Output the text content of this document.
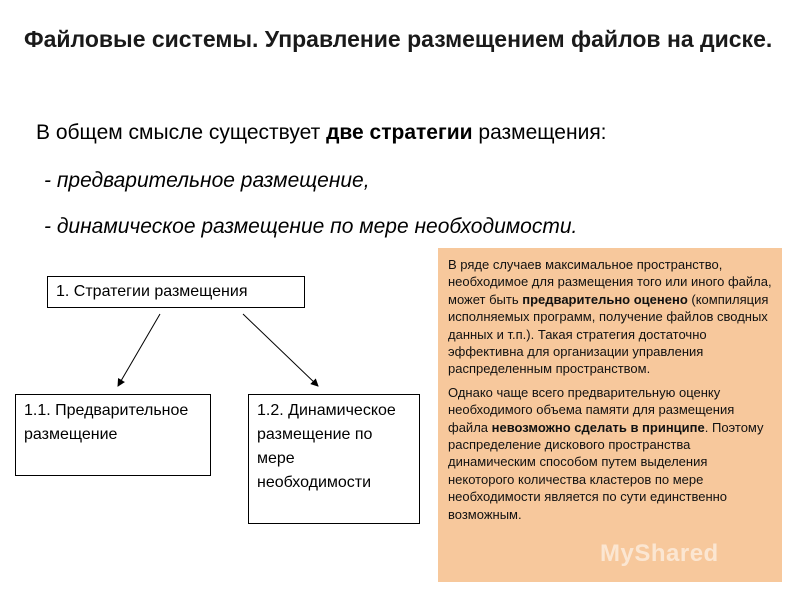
Файловые системы. Управление размещением файлов на диске.
В общем смысле существует две стратегии размещения:
- предварительное размещение,
- динамическое размещение по мере необходимости.
1. Стратегии размещения
1.1. Предварительное размещение
1.2. Динамическое размещение по мере необходимости

В ряде случаев максимальное пространство, необходимое для размещения того или иного файла, может быть предварительно оценено (компиляция исполняемых программ, получение файлов сводных данных и т.п.). Такая стратегия достаточно эффективна для организации управления распределенным пространством.

Однако чаще всего предварительную оценку необходимого объема памяти для размещения файла невозможно сделать в принципе. Поэтому распределение дискового пространства динамическим способом путем выделения некоторого количества кластеров по мере необходимости является по сути единственно возможным.

MyShared
